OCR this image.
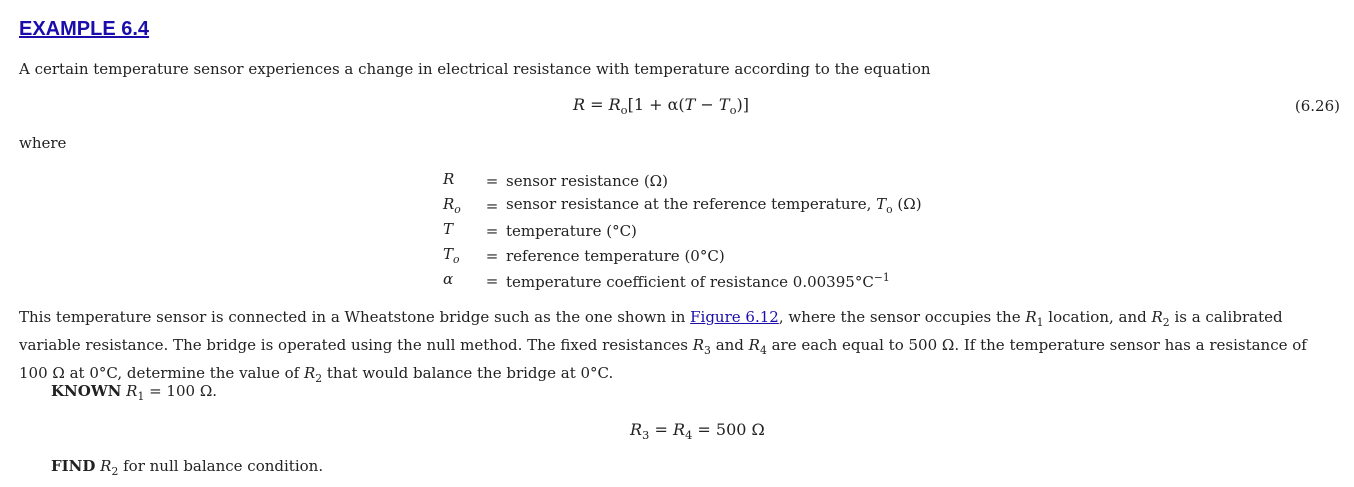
EXAMPLE 6.4
A certain temperature sensor experiences a change in electrical resistance with temperature according to the equation
$R = R_o[1 + \alpha(T - T_o)]$	(6.26)
where
R	=	sensor resistance (Ω)
$R_o$	=	sensor resistance at the reference temperature, $T_o$ (Ω)
T	=	temperature (°C)
$T_o$	=	reference temperature (0°C)
α	=	temperature coefficient of resistance $0.00395^\circ C^{-1}$
This temperature sensor is connected in a Wheatstone bridge such as the one shown in Figure 6.12, where the sensor occupies the $R_1$ location, and $R_2$ is a calibrated variable resistance. The bridge is operated using the null method. The fixed resistances $R_3$ and $R_4$ are each equal to 500 Ω. If the temperature sensor has a resistance of 100 Ω at 0°C, determine the value of $R_2$ that would balance the bridge at 0°C.
KNOWN $R_1 = 100$ Ω.
$R_3 = R_4 = 500$ Ω
FIND $R_2$ for null balance condition.
